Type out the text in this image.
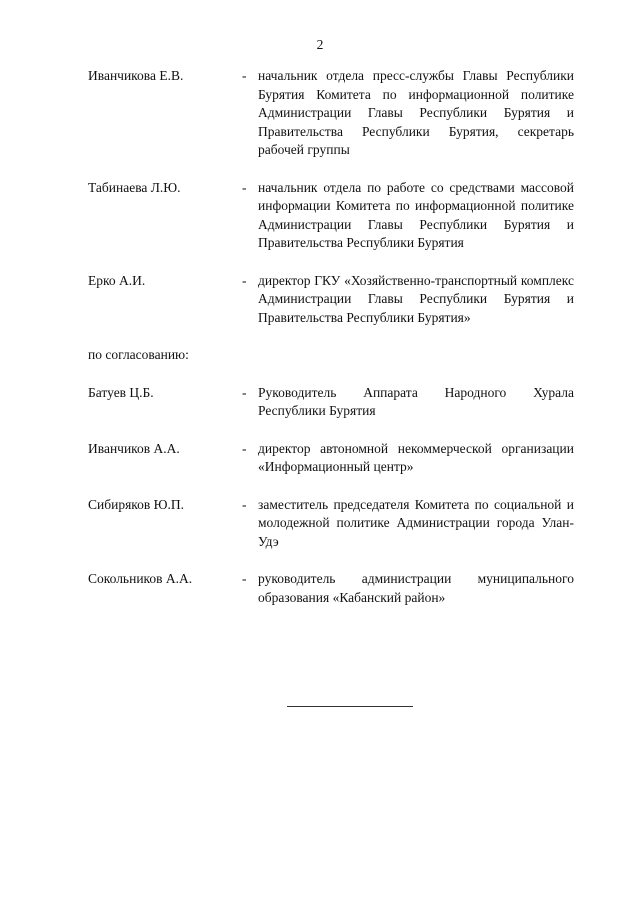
2
Иванчикова Е.В.	- начальник отдела пресс-службы Главы Республики Бурятия Комитета по информационной политике Администрации Главы Республики Бурятия и Правительства Республики Бурятия, секретарь рабочей группы
Табинаева Л.Ю.	- начальник отдела по работе со средствами массовой информации Комитета по информационной политике Администрации Главы Республики Бурятия и Правительства Республики Бурятия
Ерко А.И.	- директор ГКУ «Хозяйственно-транспортный комплекс Администрации Главы Республики Бурятия и Правительства Республики Бурятия»
по согласованию:
Батуев Ц.Б.	- Руководитель Аппарата Народного Хурала Республики Бурятия
Иванчиков А.А.	- директор автономной некоммерческой организации «Информационный центр»
Сибиряков Ю.П.	- заместитель председателя Комитета по социальной и молодежной политике Администрации города Улан-Удэ
Сокольников А.А.	- руководитель администрации муниципального образования «Кабанский район»
